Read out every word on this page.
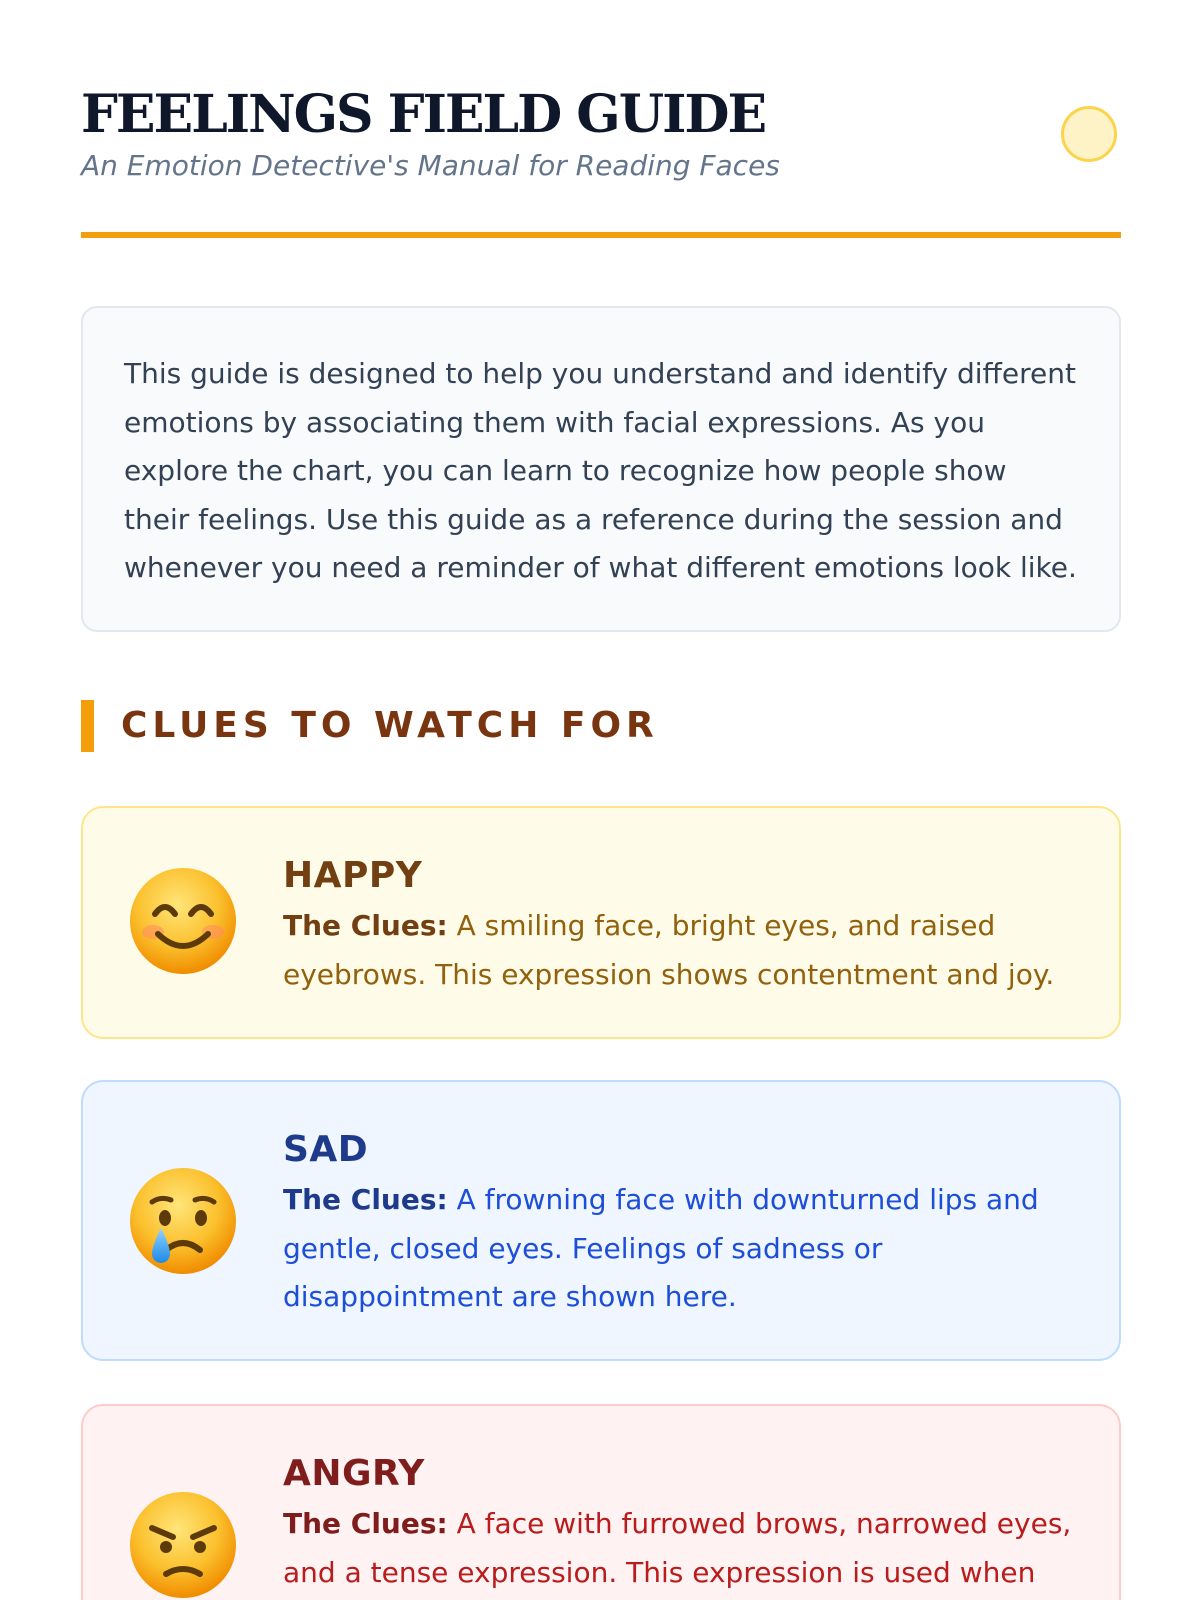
FEELINGS FIELD GUIDE

An Emotion Detective's Manual for Reading Faces

This guide is designed to help you understand and identify different emotions by associating them with facial expressions. As you explore the chart, you can learn to recognize how people show their feelings. Use this guide as a reference during the session and whenever you need a reminder of what different emotions look like.

CLUES TO WATCH FOR
HAPPY

The Clues: A smiling face, bright eyes, and raised eyebrows. This expression shows contentment and joy.

SAD

The Clues: A frowning face with downturned lips and gentle, closed eyes. Feelings of sadness or disappointment are shown here.

ANGRY

The Clues: A face with furrowed brows, narrowed eyes, and a tense expression. This expression is used when
